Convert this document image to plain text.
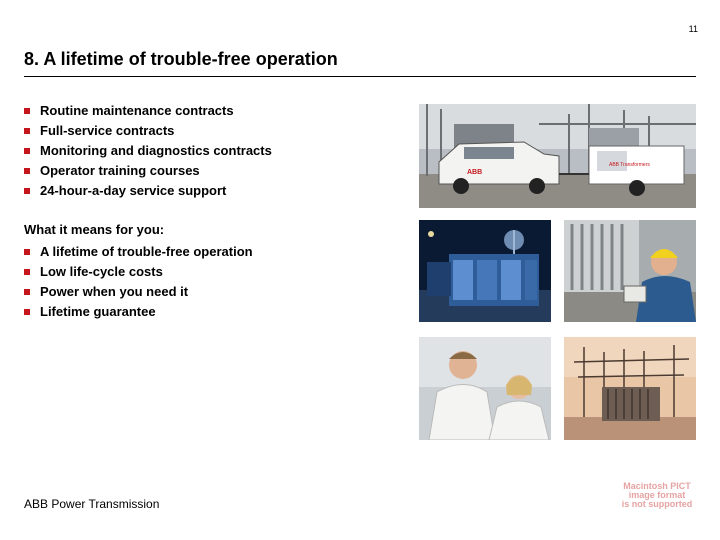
11
8. A lifetime of trouble-free operation
Routine maintenance contracts
Full-service contracts
Monitoring and diagnostics contracts
Operator training courses
24-hour-a-day service support
What it means for you:
A lifetime of trouble-free operation
Low life-cycle costs
Power when you need it
Lifetime guarantee
ABB
ABB Transformers
ABB Power Transmission
Macintosh PICT
image format
is not supported
